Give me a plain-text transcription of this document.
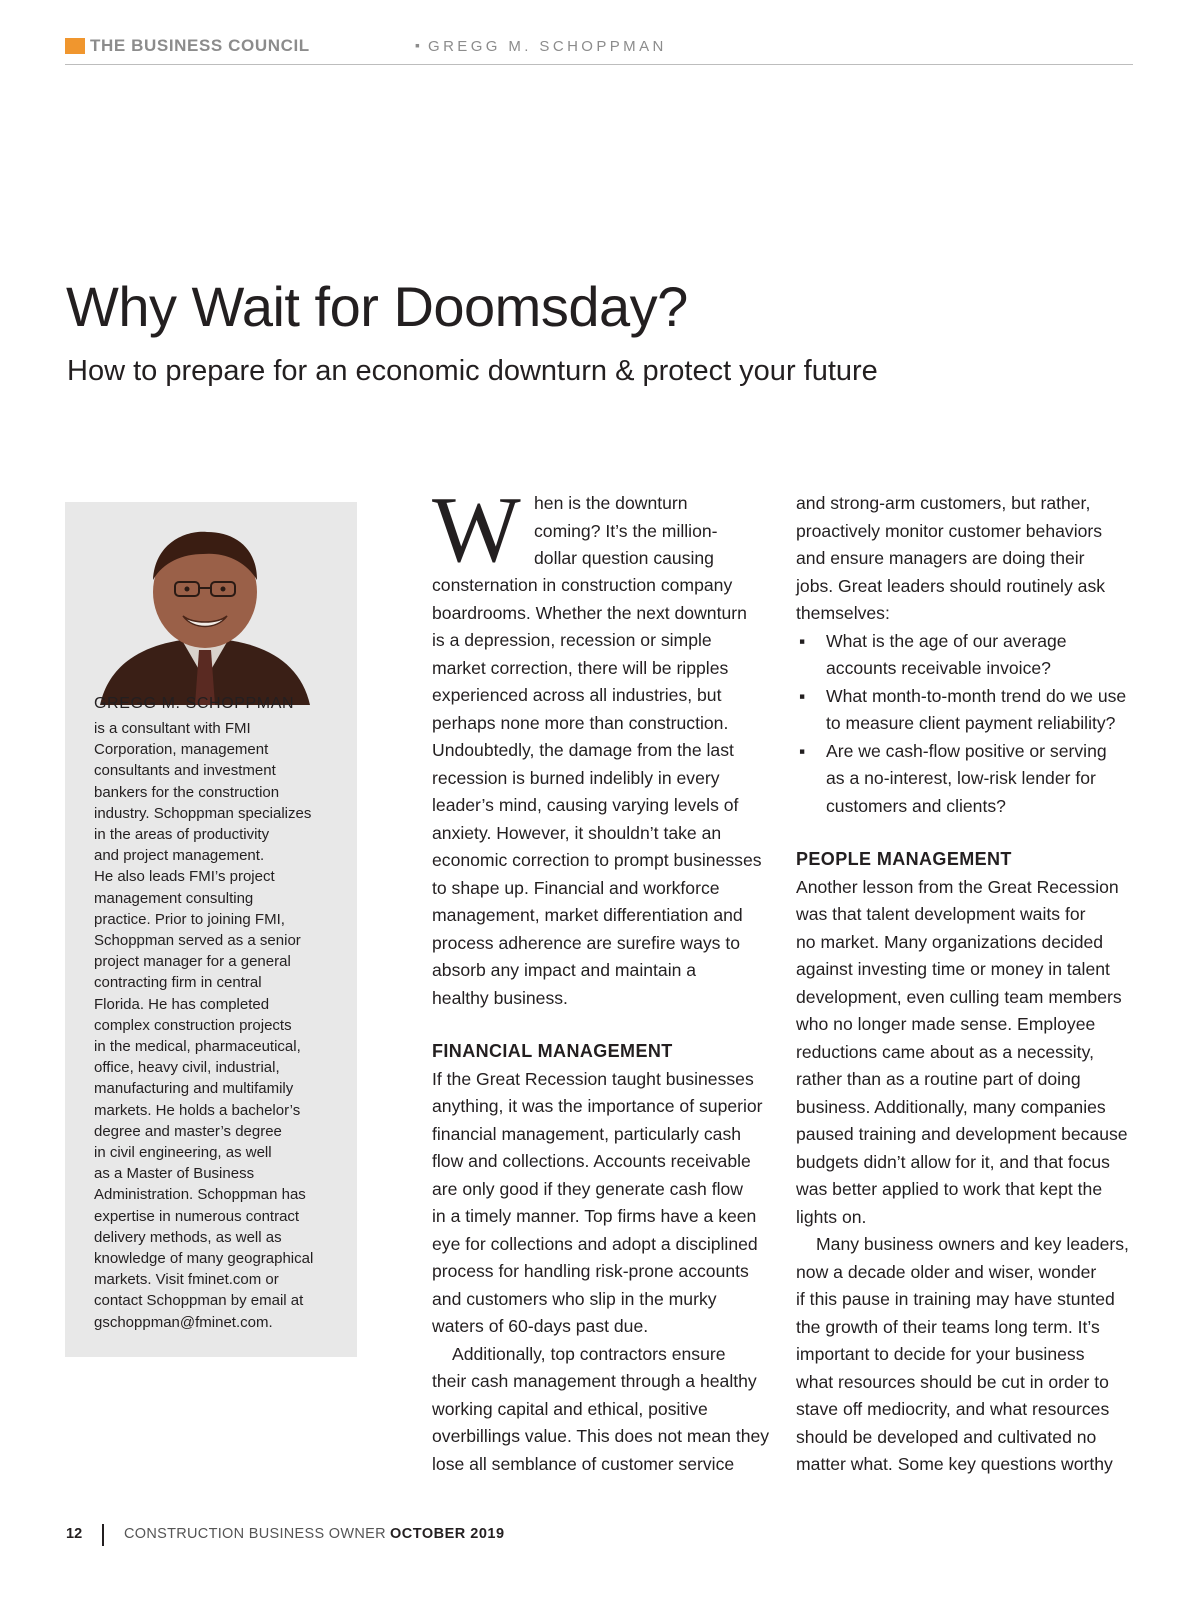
THE BUSINESS COUNCIL	▪ GREGG M. SCHOPPMAN
Why Wait for Doomsday?
How to prepare for an economic downturn & protect your future
GREGG M. SCHOPPMAN

is a consultant with FMI
Corporation, management
consultants and investment
bankers for the construction
industry. Schoppman specializes
in the areas of productivity
and project management.
He also leads FMI’s project
management consulting
practice. Prior to joining FMI,
Schoppman served as a senior
project manager for a general
contracting firm in central
Florida. He has completed
complex construction projects
in the medical, pharmaceutical,
office, heavy civil, industrial,
manufacturing and multifamily
markets. He holds a bachelor’s
degree and master’s degree
in civil engineering, as well
as a Master of Business
Administration. Schoppman has
expertise in numerous contract
delivery methods, as well as
knowledge of many geographical
markets. Visit fminet.com or
contact Schoppman by email at
gschoppman@fminet.com.

W hen is the downturn
coming? It’s the million-
dollar question causing
consternation in construction company
boardrooms. Whether the next downturn
is a depression, recession or simple
market correction, there will be ripples
experienced across all industries, but
perhaps none more than construction.
Undoubtedly, the damage from the last
recession is burned indelibly in every
leader’s mind, causing varying levels of
anxiety. However, it shouldn’t take an
economic correction to prompt businesses
to shape up. Financial and workforce
management, market differentiation and
process adherence are surefire ways to
absorb any impact and maintain a
healthy business.
FINANCIAL MANAGEMENT
If the Great Recession taught businesses
anything, it was the importance of superior
financial management, particularly cash
flow and collections. Accounts receivable
are only good if they generate cash flow
in a timely manner. Top firms have a keen
eye for collections and adopt a disciplined
process for handling risk-prone accounts
and customers who slip in the murky
waters of 60-days past due.
Additionally, top contractors ensure
their cash management through a healthy
working capital and ethical, positive
overbillings value. This does not mean they
lose all semblance of customer service
and strong-arm customers, but rather,
proactively monitor customer behaviors
and ensure managers are doing their
jobs. Great leaders should routinely ask
themselves:
▪ What is the age of our average
accounts receivable invoice?
▪ What month-to-month trend do we use
to measure client payment reliability?
▪ Are we cash-flow positive or serving
as a no-interest, low-risk lender for
customers and clients?
PEOPLE MANAGEMENT
Another lesson from the Great Recession
was that talent development waits for
no market. Many organizations decided
against investing time or money in talent
development, even culling team members
who no longer made sense. Employee
reductions came about as a necessity,
rather than as a routine part of doing
business. Additionally, many companies
paused training and development because
budgets didn’t allow for it, and that focus
was better applied to work that kept the
lights on.
Many business owners and key leaders,
now a decade older and wiser, wonder
if this pause in training may have stunted
the growth of their teams long term. It’s
important to decide for your business
what resources should be cut in order to
stave off mediocrity, and what resources
should be developed and cultivated no
matter what. Some key questions worthy
12	CONSTRUCTION BUSINESS OWNER OCTOBER 2019
